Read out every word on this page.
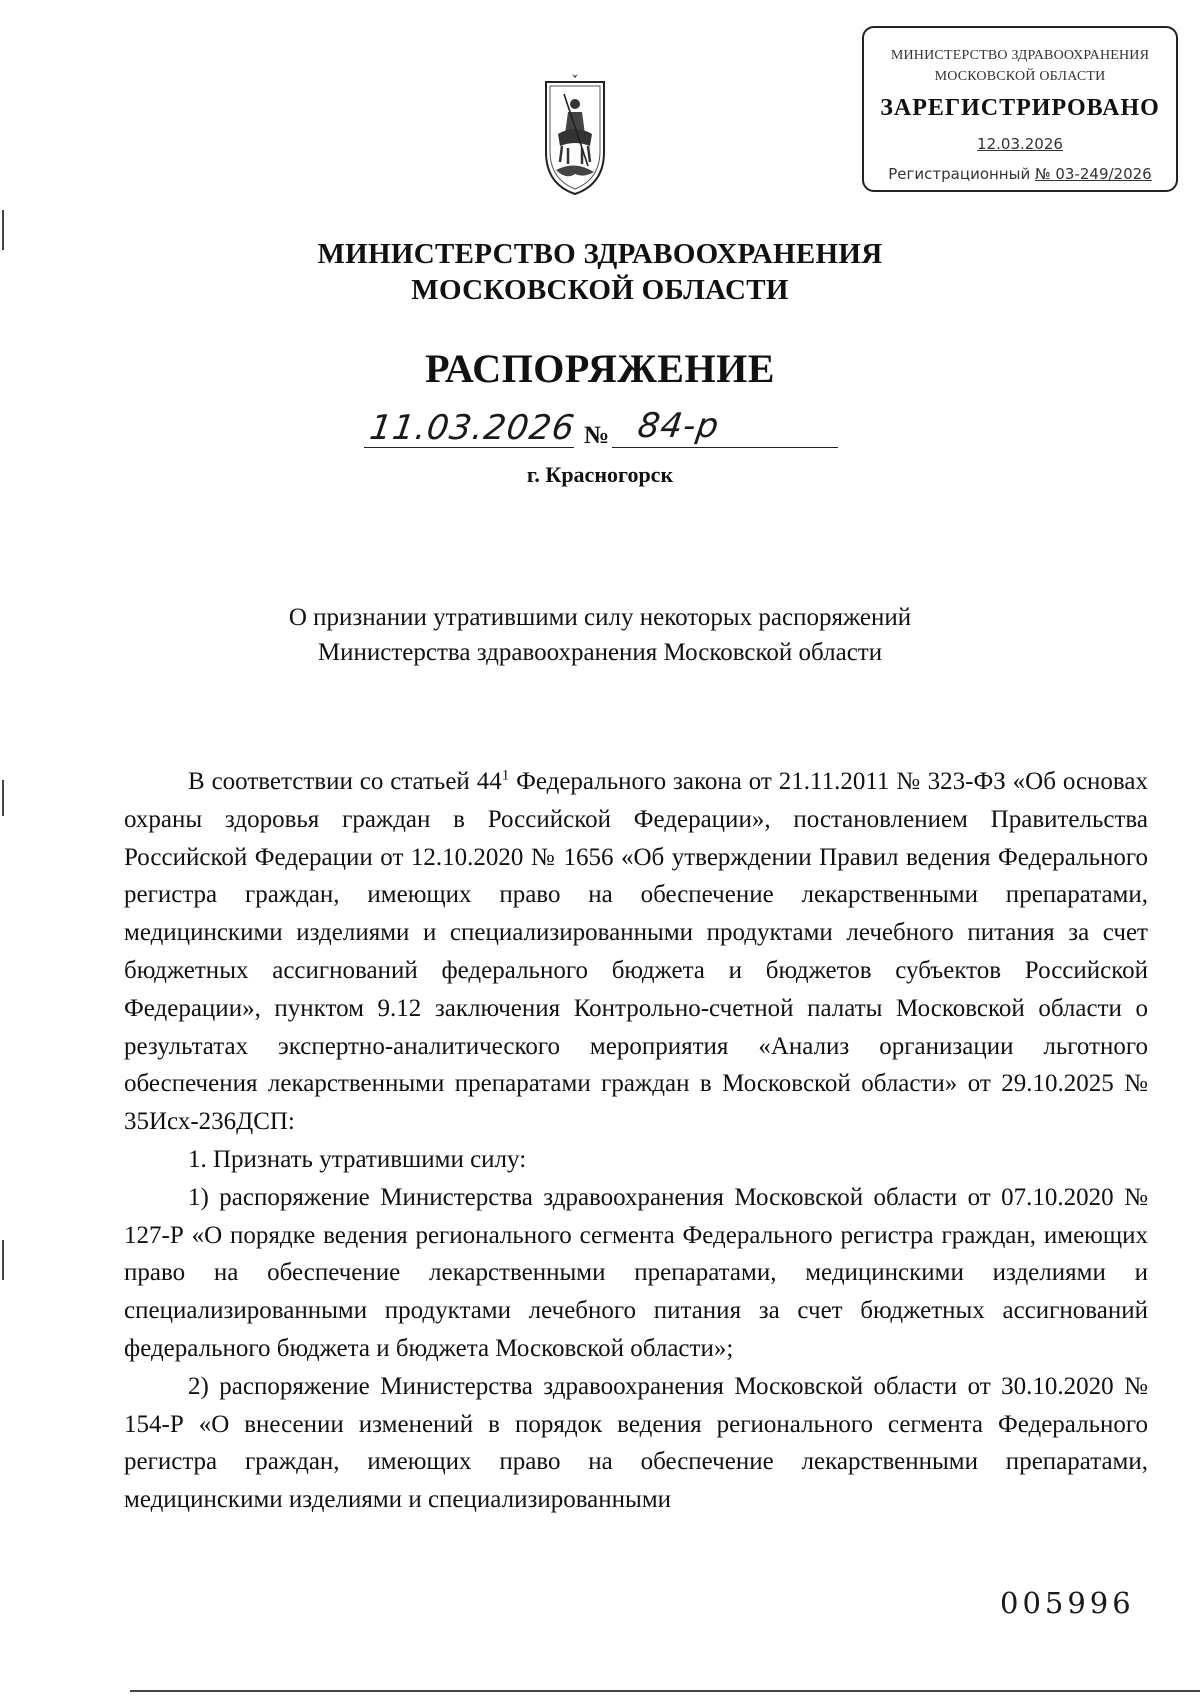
МИНИСТЕРСТВО ЗДРАВООХРАНЕНИЯ
МОСКОВСКОЙ ОБЛАСТИ
ЗАРЕГИСТРИРОВАНО
12.03.2026
Регистрационный № 03-249/2026
МИНИСТЕРСТВО ЗДРАВООХРАНЕНИЯ
МОСКОВСКОЙ ОБЛАСТИ
РАСПОРЯЖЕНИЕ
11.03.2026 № 84-р
г. Красногорск
О признании утратившими силу некоторых распоряжений
Министерства здравоохранения Московской области

В соответствии со статьей $44^1$ Федерального закона от 21.11.2011 № 323-ФЗ «Об основах охраны здоровья граждан в Российской Федерации», постановлением Правительства Российской Федерации от 12.10.2020 № 1656 «Об утверждении Правил ведения Федерального регистра граждан, имеющих право на обеспечение лекарственными препаратами, медицинскими изделиями и специализированными продуктами лечебного питания за счет бюджетных ассигнований федерального бюджета и бюджетов субъектов Российской Федерации», пунктом 9.12 заключения Контрольно-счетной палаты Московской области о результатах экспертно-аналитического мероприятия «Анализ организации льготного обеспечения лекарственными препаратами граждан в Московской области» от 29.10.2025 № 35Исх-236ДСП:

1. Признать утратившими силу:

1) распоряжение Министерства здравоохранения Московской области от 07.10.2020 № 127-Р «О порядке ведения регионального сегмента Федерального регистра граждан, имеющих право на обеспечение лекарственными препаратами, медицинскими изделиями и специализированными продуктами лечебного питания за счет бюджетных ассигнований федерального бюджета и бюджета Московской области»;

2) распоряжение Министерства здравоохранения Московской области от 30.10.2020 № 154-Р «О внесении изменений в порядок ведения регионального сегмента Федерального регистра граждан, имеющих право на обеспечение лекарственными препаратами, медицинскими изделиями и специализированными

005996
